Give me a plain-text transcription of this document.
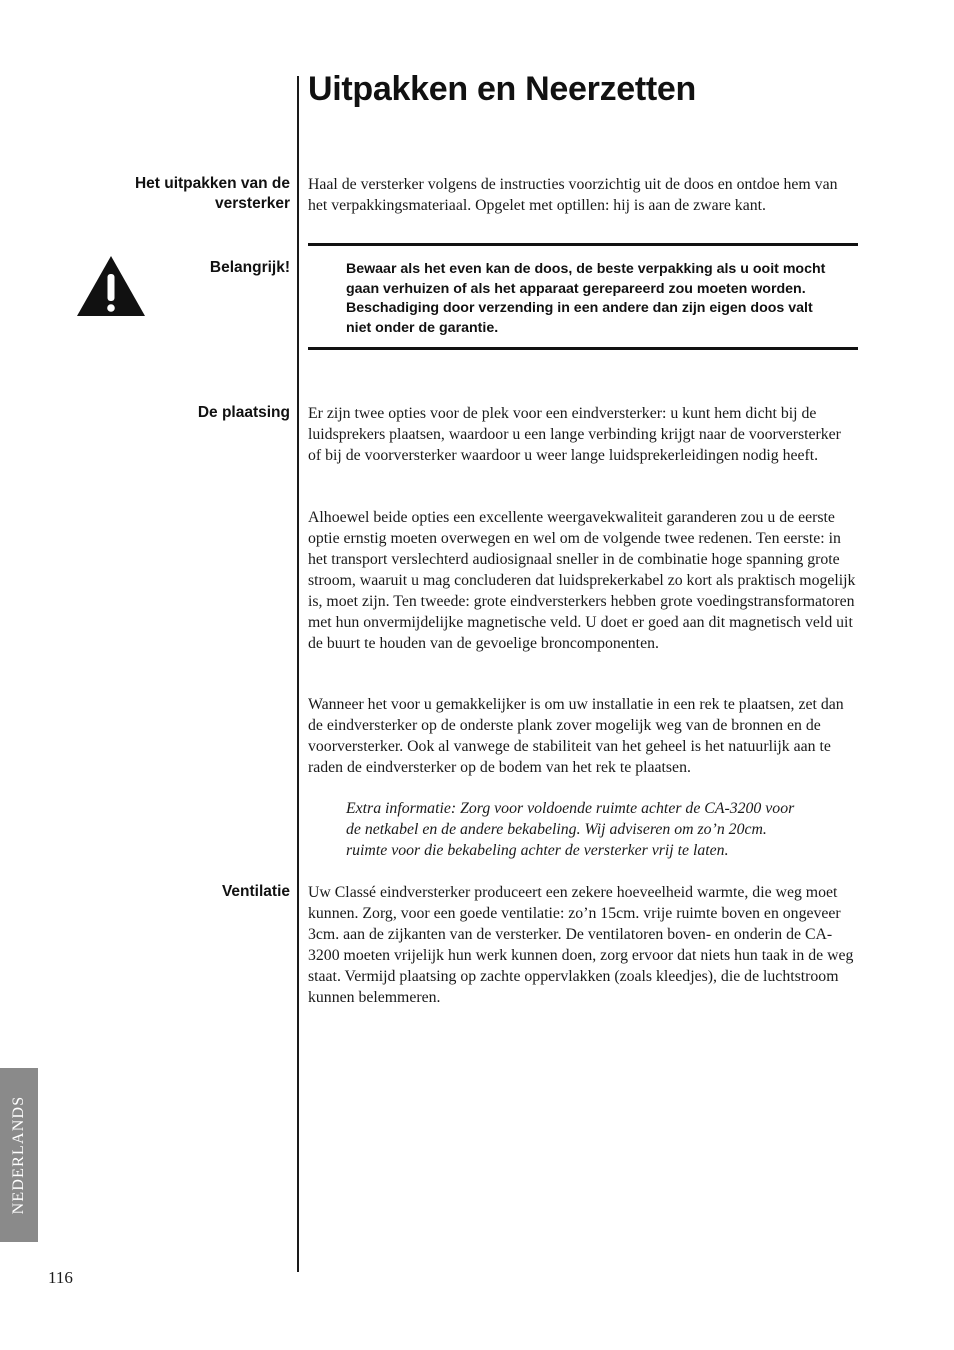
Uitpakken en Neerzetten
Het uitpakken van de versterker

Haal de versterker volgens de instructies voorzichtig uit de doos en ontdoe hem van het verpakkingsmateriaal. Opgelet met optillen: hij is aan de zware kant.

Belangrijk!	Bewaar als het even kan de doos, de beste verpakking als u ooit mocht gaan verhuizen of als het apparaat gerepareerd zou moeten worden. Beschadiging door verzending in een andere dan zijn eigen doos valt niet onder de garantie.

De plaatsing Er zijn twee opties voor de plek voor een eindversterker: u kunt hem dicht bij de luidsprekers plaatsen, waardoor u een lange verbinding krijgt naar de voorversterker of bij de voorversterker waardoor u weer lange luidsprekerleidingen nodig heeft.

Alhoewel beide opties een excellente weergavekwaliteit garanderen zou u de eerste optie ernstig moeten overwegen en wel om de volgende twee redenen. Ten eerste: in het transport verslechterd audiosignaal sneller in de combinatie hoge spanning grote stroom, waaruit u mag concluderen dat luidsprekerkabel zo kort als praktisch mogelijk is, moet zijn. Ten tweede: grote eindversterkers hebben grote voedingstransformatoren met hun onvermijdelijke magnetische veld. U doet er goed aan dit magnetisch veld uit de buurt te houden van de gevoelige broncomponenten.

Wanneer het voor u gemakkelijker is om uw installatie in een rek te plaatsen, zet dan de eindversterker op de onderste plank zover mogelijk weg van de bronnen en de voorversterker. Ook al vanwege de stabiliteit van het geheel is het natuurlijk aan te raden de eindversterker op de bodem van het rek te plaatsen.

Extra informatie: Zorg voor voldoende ruimte achter de CA-3200 voor de netkabel en de andere bekabeling. Wij adviseren om zo’n 20cm. ruimte voor die bekabeling achter de versterker vrij te laten.

Ventilatie Uw Classé eindversterker produceert een zekere hoeveelheid warmte, die weg moet kunnen. Zorg, voor een goede ventilatie: zo’n 15cm. vrije ruimte boven en ongeveer 3cm. aan de zijkanten van de versterker. De ventilatoren boven- en onderin de CA-3200 moeten vrijelijk hun werk kunnen doen, zorg ervoor dat niets hun taak in de weg staat. Vermijd plaatsing op zachte oppervlakken (zoals kleedjes), die de luchtstroom kunnen belemmeren.

NEDERLANDS
116
